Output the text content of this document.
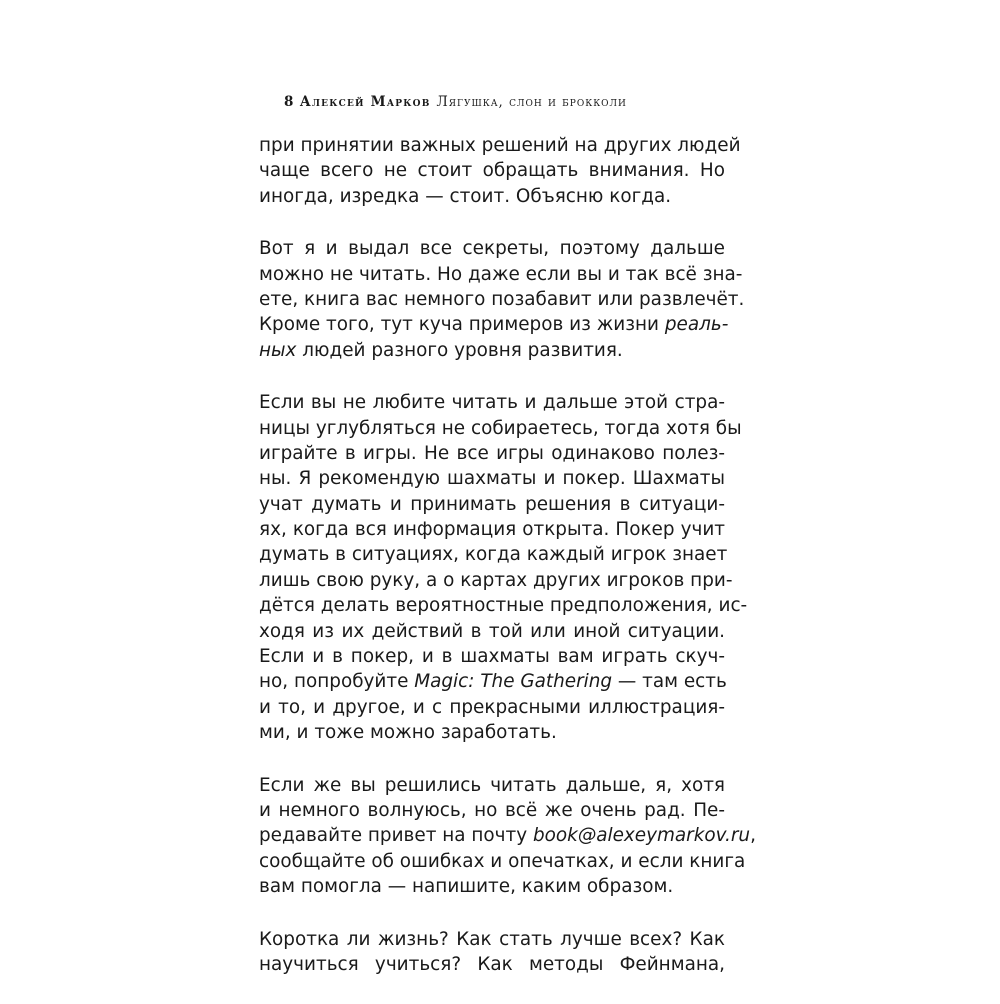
8 Алексей Марков Лягушка, слон и брокколи
при принятии важных решений на других людей
чаще всего не стоит обращать внимания. Но
иногда, изредка — стоит. Объясню когда.
Вот я и выдал все секреты, поэтому дальше
можно не читать. Но даже если вы и так всё зна-
ете, книга вас немного позабавит или развлечёт.
Кроме того, тут куча примеров из жизни реаль-
ных людей разного уровня развития.
Если вы не любите читать и дальше этой стра-
ницы углубляться не собираетесь, тогда хотя бы
играйте в игры. Не все игры одинаково полез-
ны. Я рекомендую шахматы и покер. Шахматы
учат думать и принимать решения в ситуаци-
ях, когда вся информация открыта. Покер учит
думать в ситуациях, когда каждый игрок знает
лишь свою руку, а о картах других игроков при-
дётся делать вероятностные предположения, ис-
ходя из их действий в той или иной ситуации.
Если и в покер, и в шахматы вам играть скуч-
но, попробуйте Magic: The Gathering — там есть
и то, и другое, и с прекрасными иллюстрация-
ми, и тоже можно заработать.
Если же вы решились читать дальше, я, хотя
и немного волнуюсь, но всё же очень рад. Пе-
редавайте привет на почту book@alexeymarkov.ru,
сообщайте об ошибках и опечатках, и если книга
вам помогла — напишите, каким образом.
Коротка ли жизнь? Как стать лучше всех? Как
научиться учиться? Как методы Фейнмана,
